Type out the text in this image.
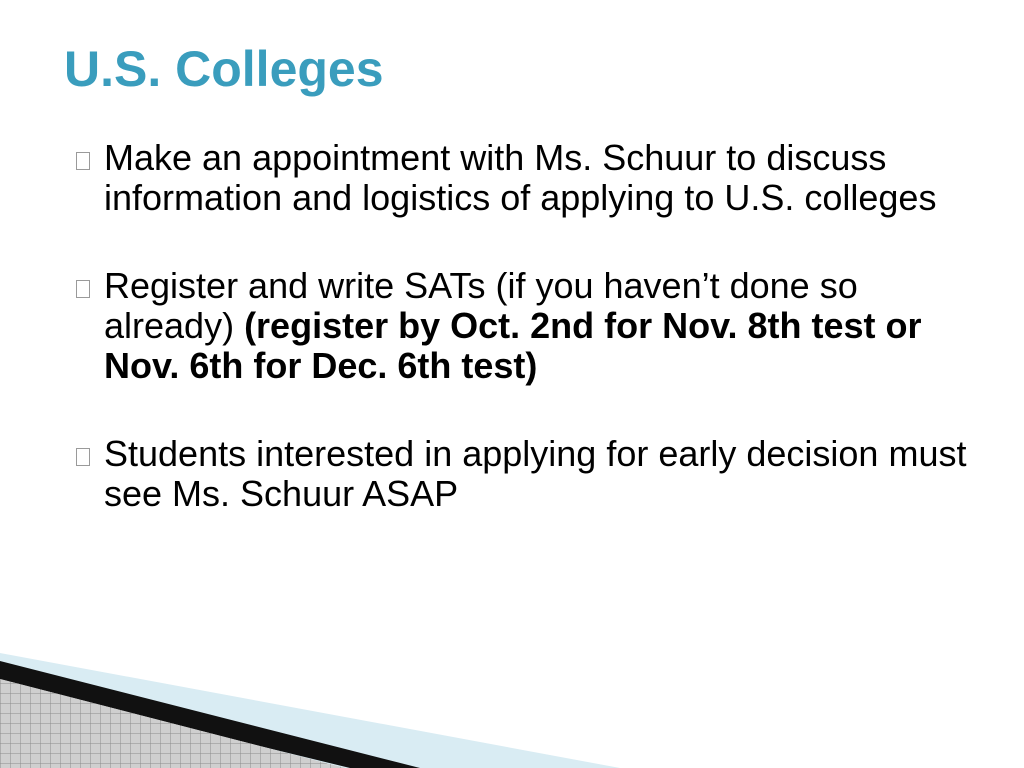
U.S. Colleges
Make an appointment with Ms. Schuur to discuss information and logistics of applying to U.S. colleges
Register and write SATs (if you haven’t done so already) (register by Oct. 2nd for Nov. 8th test or Nov. 6th for Dec. 6th test)
Students interested in applying for early decision must see Ms. Schuur ASAP
